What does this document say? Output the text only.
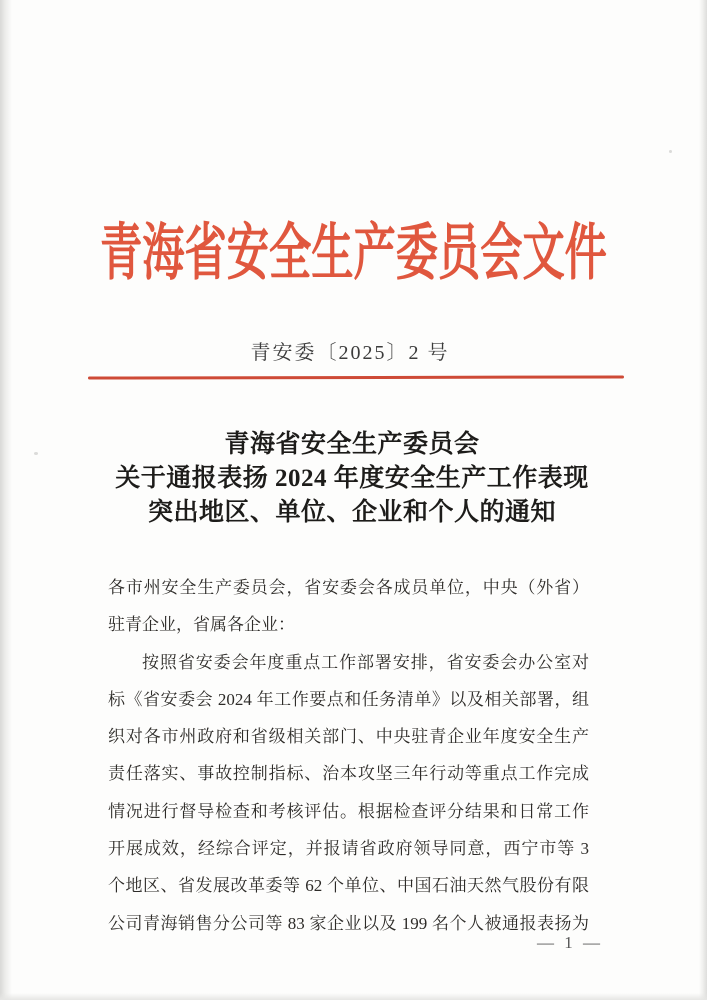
青海省安全生产委员会文件
青安委〔2025〕2 号
青海省安全生产委员会
关于通报表扬 2024 年度安全生产工作表现
突出地区、单位、企业和个人的通知
各市州安全生产委员会，省安委会各成员单位，中央（外省）
驻青企业，省属各企业：
按照省安委会年度重点工作部署安排，省安委会办公室对
标《省安委会 2024 年工作要点和任务清单》以及相关部署，组
织对各市州政府和省级相关部门、中央驻青企业年度安全生产
责任落实、事故控制指标、治本攻坚三年行动等重点工作完成
情况进行督导检查和考核评估。根据检查评分结果和日常工作
开展成效，经综合评定，并报请省政府领导同意，西宁市等 3
个地区、省发展改革委等 62 个单位、中国石油天然气股份有限
公司青海销售分公司等 83 家企业以及 199 名个人被通报表扬为
— 1 —
